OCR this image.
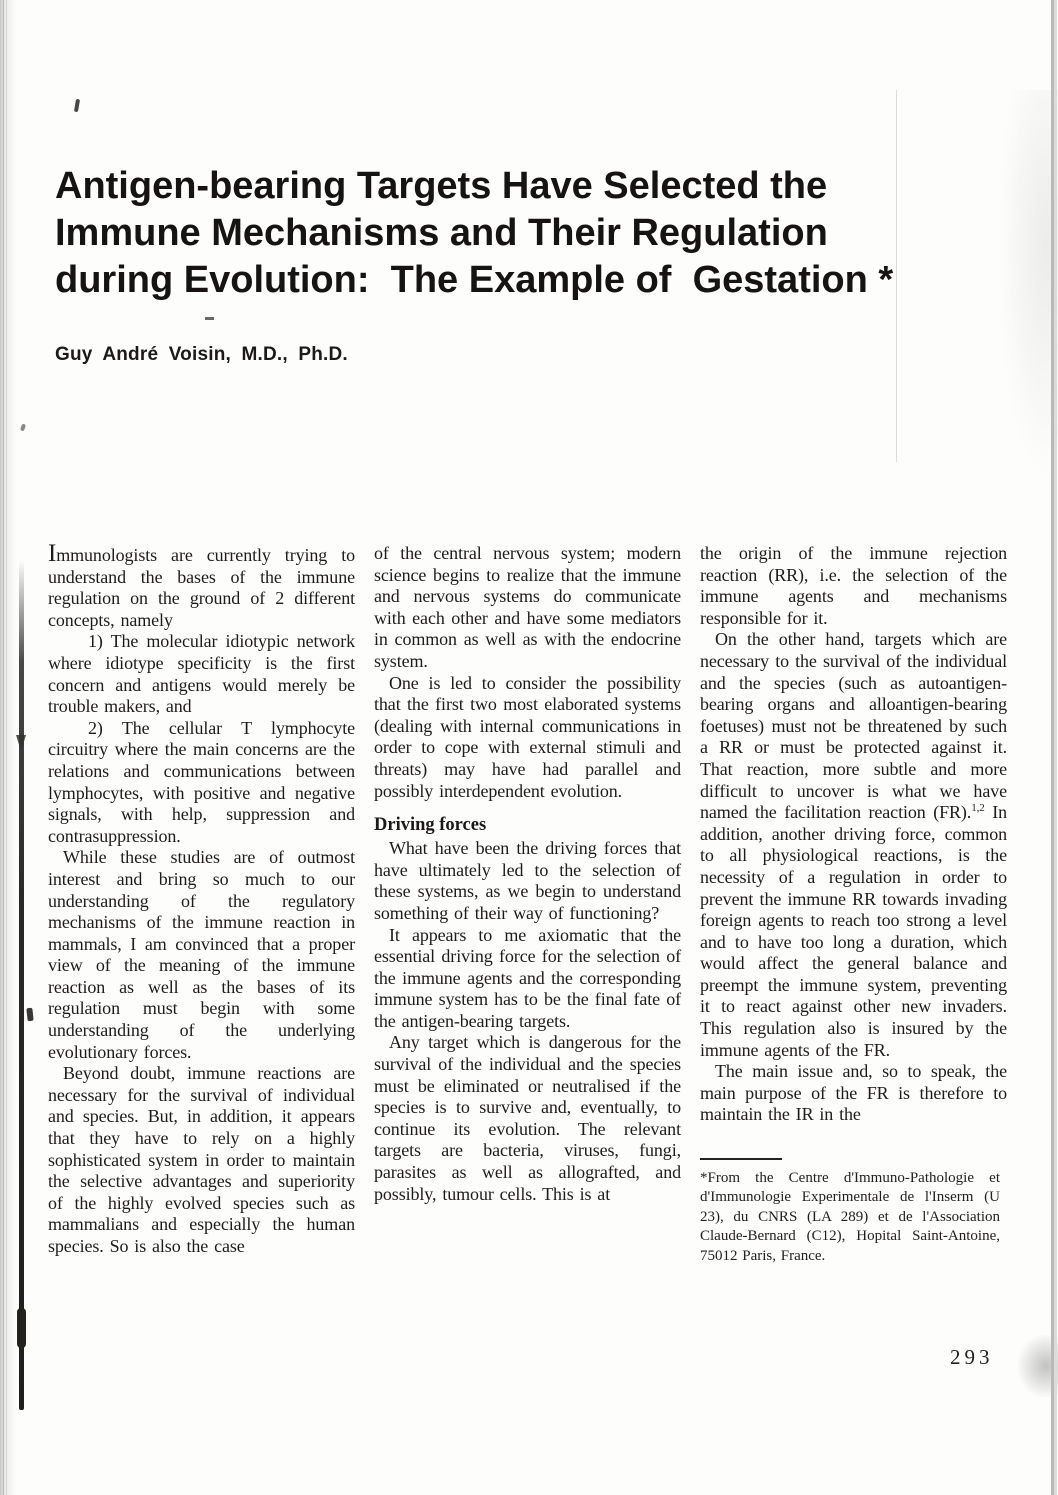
Antigen-bearing Targets Have Selected the
Immune Mechanisms and Their Regulation
during Evolution:  The Example of  Gestation *
Guy André Voisin, M.D., Ph.D.

Immunologists are currently trying to understand the bases of the immune regulation on the ground of 2 different concepts, namely

1) The molecular idiotypic network where idiotype specificity is the first concern and antigens would merely be trouble makers, and

2) The cellular T lymphocyte circuitry where the main concerns are the relations and communications between lymphocytes, with positive and negative signals, with help, suppression and contrasuppression.

While these studies are of outmost interest and bring so much to our understanding of the regulatory mechanisms of the immune reaction in mammals, I am convinced that a proper view of the meaning of the immune reaction as well as the bases of its regulation must begin with some understanding of the underlying evolutionary forces.

Beyond doubt, immune reactions are necessary for the survival of individual and species. But, in addition, it appears that they have to rely on a highly sophisticated system in order to maintain the selective advantages and superiority of the highly evolved species such as mammalians and especially the human species. So is also the case

of the central nervous system; modern science begins to realize that the immune and nervous systems do communicate with each other and have some mediators in common as well as with the endocrine system.

One is led to consider the possibility that the first two most elaborated systems (dealing with internal communications in order to cope with external stimuli and threats) may have had parallel and possibly interdependent evolution.

Driving forces

What have been the driving forces that have ultimately led to the selection of these systems, as we begin to understand something of their way of functioning?

It appears to me axiomatic that the essential driving force for the selection of the immune agents and the corresponding immune system has to be the final fate of the antigen-bearing targets.

Any target which is dangerous for the survival of the individual and the species must be eliminated or neutralised if the species is to survive and, eventually, to continue its evolution. The relevant targets are bacteria, viruses, fungi, parasites as well as allografted, and possibly, tumour cells. This is at

the origin of the immune rejection reaction (RR), i.e. the selection of the immune agents and mechanisms responsible for it.

On the other hand, targets which are necessary to the survival of the individual and the species (such as autoantigen-bearing organs and alloantigen-bearing foetuses) must not be threatened by such a RR or must be protected against it. That reaction, more subtle and more difficult to uncover is what we have named the facilitation reaction (FR).$^{1,2}$ In addition, another driving force, common to all physiological reactions, is the necessity of a regulation in order to prevent the immune RR towards invading foreign agents to reach too strong a level and to have too long a duration, which would affect the general balance and preempt the immune system, preventing it to react against other new invaders. This regulation also is insured by the immune agents of the FR.

The main issue and, so to speak, the main purpose of the FR is therefore to maintain the IR in the

*From the Centre d'Immuno-Pathologie et d'Immunologie Experimentale de l'Inserm (U 23), du CNRS (LA 289) et de l'Association Claude-Bernard (C12), Hopital Saint-Antoine, 75012 Paris, France.

293
